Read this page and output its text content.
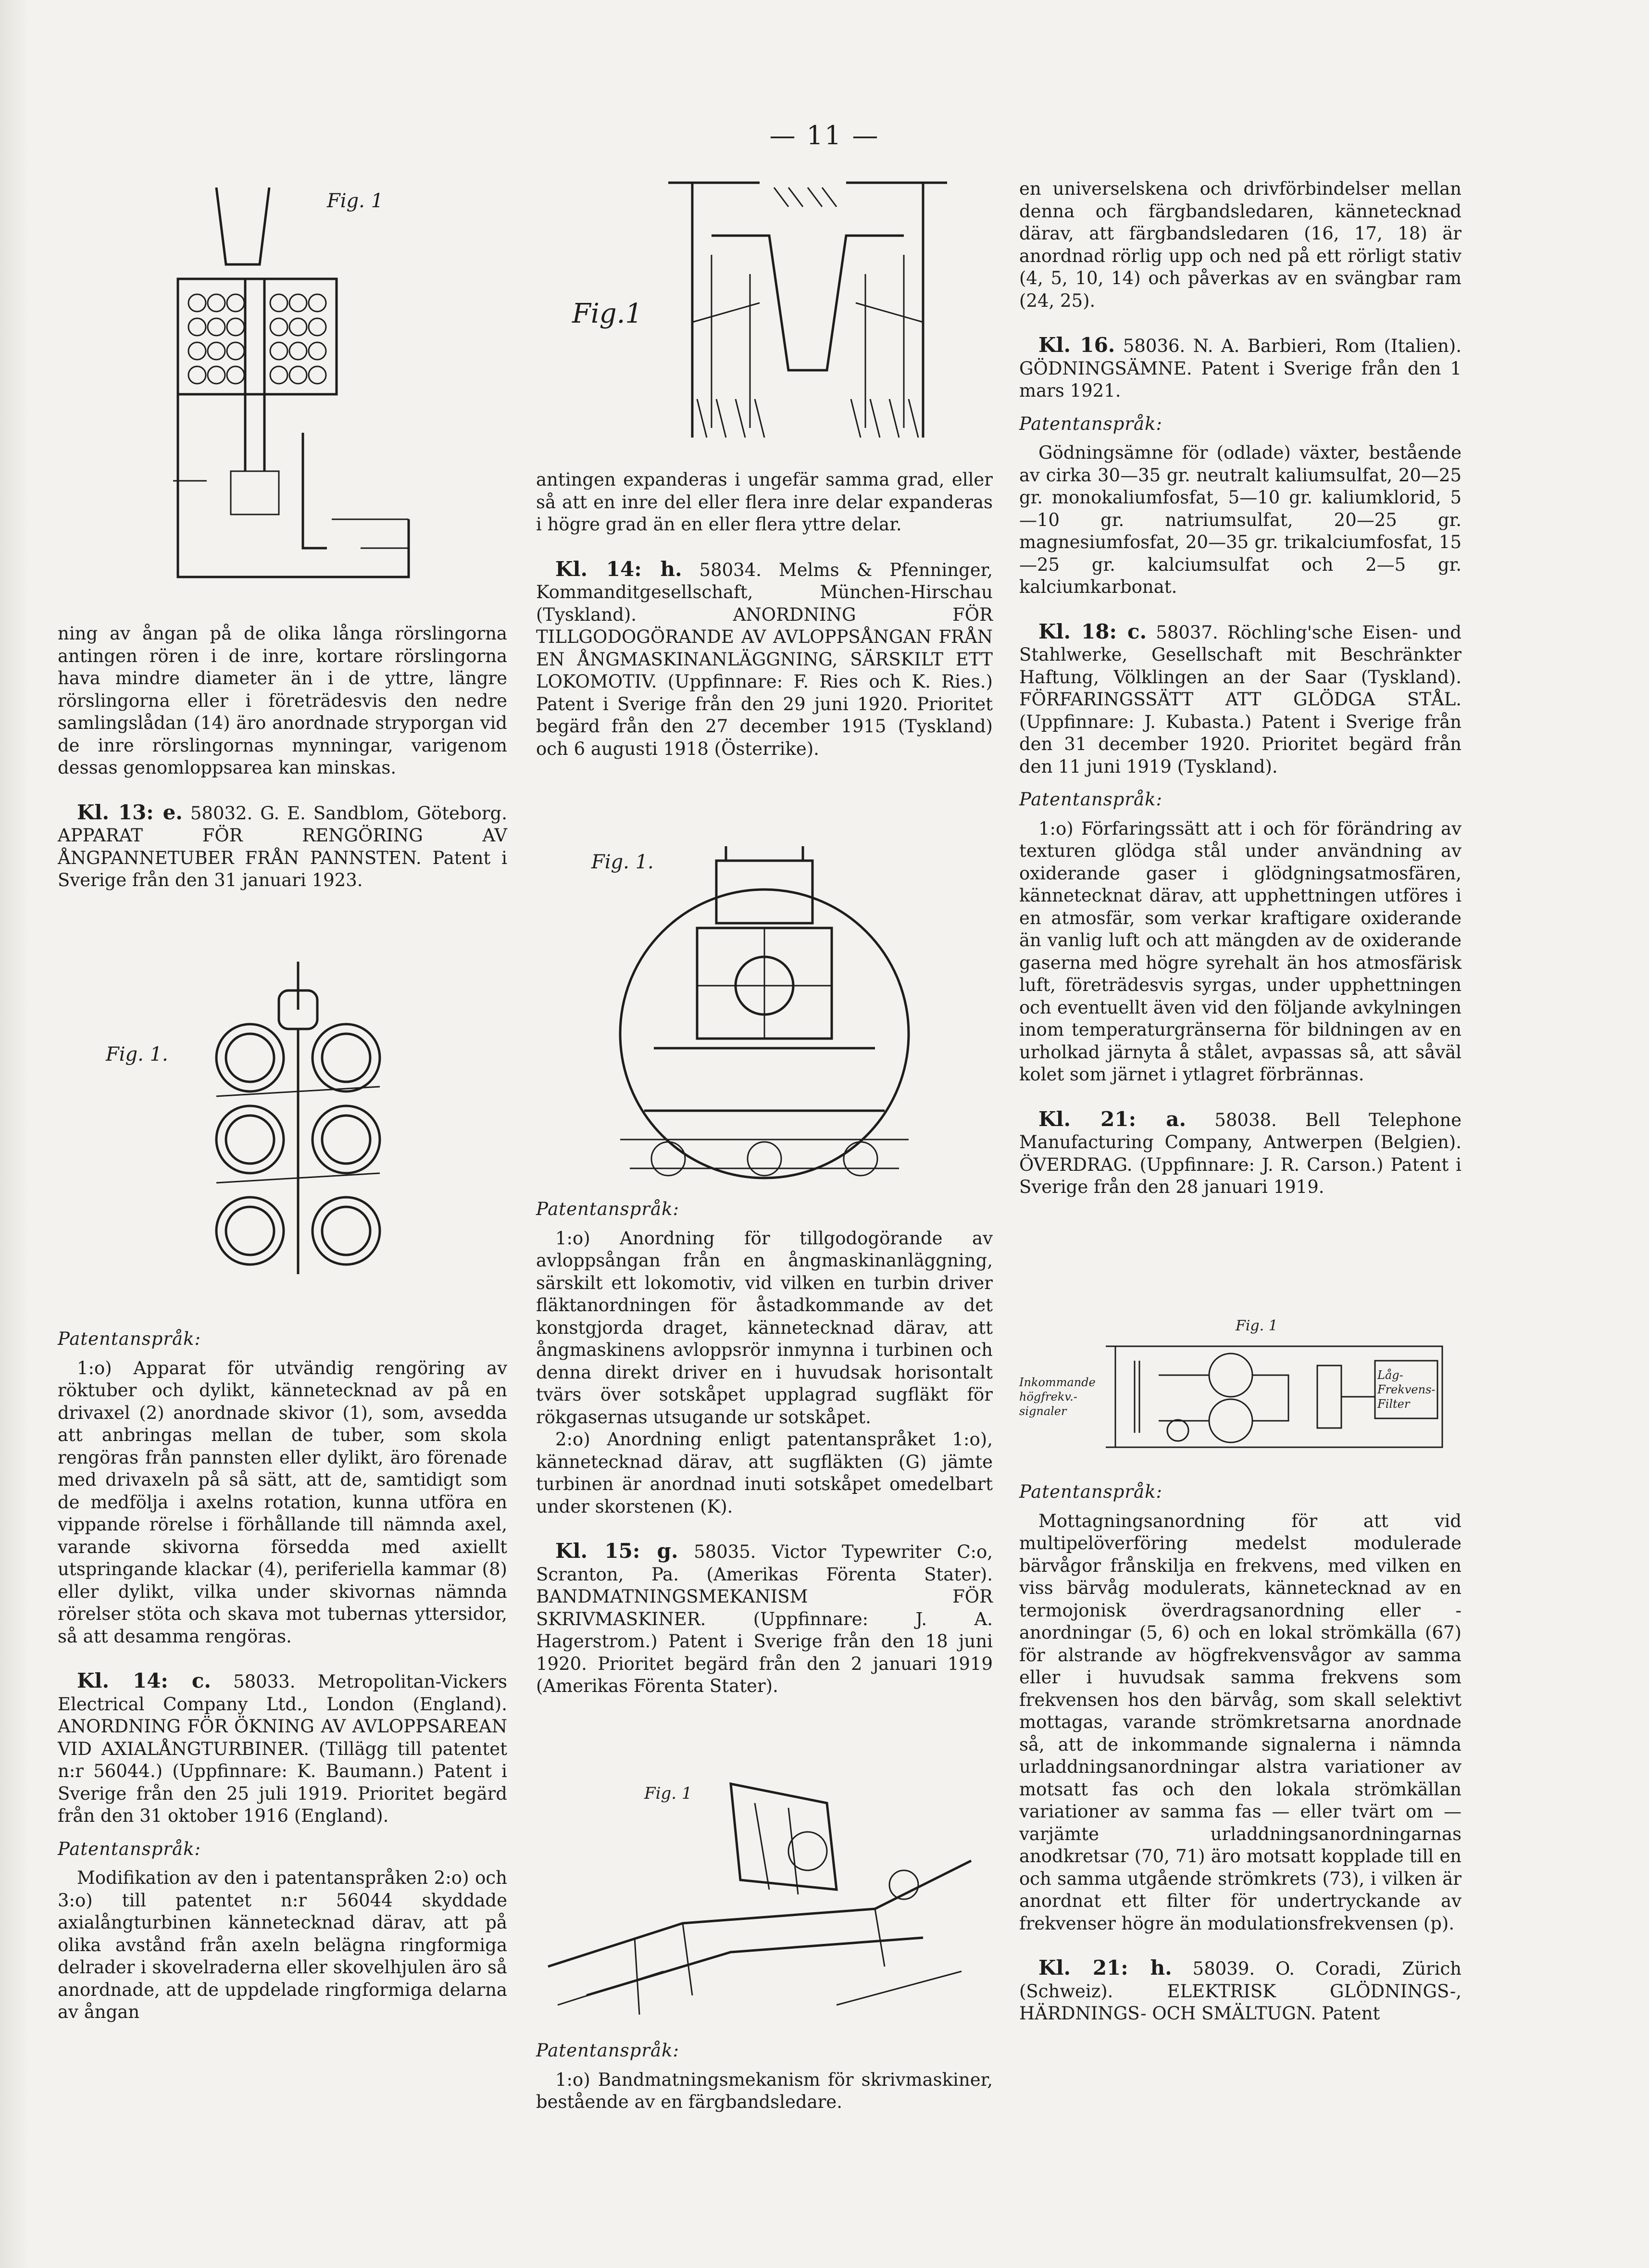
— 11 —
Fig. 1

ning av ångan på de olika långa rörslingorna antingen rören i de inre, kortare rörslingorna hava mindre diameter än i de yttre, längre rörslingorna eller i företrädesvis den nedre samlingslådan (14) äro anordnade stryporgan vid de inre rörslingornas mynningar, varigenom dessas genomloppsarea kan minskas.

Kl. 13: e. 58032. G. E. Sandblom, Göteborg. APPARAT FÖR RENGÖRING AV ÅNGPANNETUBER FRÅN PANNSTEN. Patent i Sverige från den 31 januari 1923.

Fig. 1.

Patentanspråk:

1:o) Apparat för utvändig rengöring av röktuber och dylikt, kännetecknad av på en drivaxel (2) anordnade skivor (1), som, avsedda att anbringas mellan de tuber, som skola rengöras från pannsten eller dylikt, äro förenade med drivaxeln på så sätt, att de, samtidigt som de medfölja i axelns rotation, kunna utföra en vippande rörelse i förhållande till nämnda axel, varande skivorna försedda med axiellt utspringande klackar (4), periferiella kammar (8) eller dylikt, vilka under skivornas nämnda rörelser stöta och skava mot tubernas yttersidor, så att desamma rengöras.

Kl. 14: c. 58033. Metropolitan-Vickers Electrical Company Ltd., London (England). ANORDNING FÖR ÖKNING AV AVLOPPSAREAN VID AXIALÅNGTURBINER. (Tillägg till patentet n:r 56044.) (Uppfinnare: K. Baumann.) Patent i Sverige från den 25 juli 1919. Prioritet begärd från den 31 oktober 1916 (England).

Patentanspråk:

Modifikation av den i patentanspråken 2:o) och 3:o) till patentet n:r 56044 skyddade axialångturbinen kännetecknad därav, att på olika avstånd från axeln belägna ringformiga delrader i skovelraderna eller skovelhjulen äro så anordnade, att de uppdelade ringformiga delarna av ångan

Fig.1

antingen expanderas i ungefär samma grad, eller så att en inre del eller flera inre delar expanderas i högre grad än en eller flera yttre delar.

Kl. 14: h. 58034. Melms & Pfenninger, Kommanditgesellschaft, München-Hirschau (Tyskland). ANORDNING FÖR TILLGODOGÖRANDE AV AVLOPPSÅNGAN FRÅN EN ÅNGMASKINANLÄGGNING, SÄRSKILT ETT LOKOMOTIV. (Uppfinnare: F. Ries och K. Ries.) Patent i Sverige från den 29 juni 1920. Prioritet begärd från den 27 december 1915 (Tyskland) och 6 augusti 1918 (Österrike).

Fig. 1.

Patentanspråk:

1:o) Anordning för tillgodogörande av avloppsångan från en ångmaskinanläggning, särskilt ett lokomotiv, vid vilken en turbin driver fläktanordningen för åstadkommande av det konstgjorda draget, kännetecknad därav, att ångmaskinens avloppsrör inmynna i turbinen och denna direkt driver en i huvudsak horisontalt tvärs över sotskåpet upplagrad sugfläkt för rökgasernas utsugande ur sotskåpet.

2:o) Anordning enligt patentanspråket 1:o), kännetecknad därav, att sugfläkten (G) jämte turbinen är anordnad inuti sotskåpet omedelbart under skorstenen (K).

Kl. 15: g. 58035. Victor Typewriter C:o, Scranton, Pa. (Amerikas Förenta Stater). BANDMATNINGSMEKANISM FÖR SKRIVMASKINER. (Uppfinnare: J. A. Hagerstrom.) Patent i Sverige från den 18 juni 1920. Prioritet begärd från den 2 januari 1919 (Amerikas Förenta Stater).

Fig. 1

Patentanspråk:

1:o) Bandmatningsmekanism för skrivmaskiner, bestående av en färgbandsledare.

en universelskena och drivförbindelser mellan denna och färgbandsledaren, kännetecknad därav, att färgbandsledaren (16, 17, 18) är anordnad rörlig upp och ned på ett rörligt stativ (4, 5, 10, 14) och påverkas av en svängbar ram (24, 25).

Kl. 16. 58036. N. A. Barbieri, Rom (Italien). GÖDNINGSÄMNE. Patent i Sverige från den 1 mars 1921.

Patentanspråk:

Gödningsämne för (odlade) växter, bestående av cirka 30—35 gr. neutralt kaliumsulfat, 20—25 gr. monokaliumfosfat, 5—10 gr. kaliumklorid, 5—10 gr. natriumsulfat, 20—25 gr. magnesiumfosfat, 20—35 gr. trikalciumfosfat, 15—25 gr. kalciumsulfat och 2—5 gr. kalciumkarbonat.

Kl. 18: c. 58037. Röchling'sche Eisen- und Stahlwerke, Gesellschaft mit Beschränkter Haftung, Völklingen an der Saar (Tyskland). FÖRFARINGSSÄTT ATT GLÖDGA STÅL. (Uppfinnare: J. Kubasta.) Patent i Sverige från den 31 december 1920. Prioritet begärd från den 11 juni 1919 (Tyskland).

Patentanspråk:

1:o) Förfaringssätt att i och för förändring av texturen glödga stål under användning av oxiderande gaser i glödgningsatmosfären, kännetecknat därav, att upphettningen utföres i en atmosfär, som verkar kraftigare oxiderande än vanlig luft och att mängden av de oxiderande gaserna med högre syrehalt än hos atmosfärisk luft, företrädesvis syrgas, under upphettningen och eventuellt även vid den följande avkylningen inom temperaturgränserna för bildningen av en urholkad järnyta å stålet, avpassas så, att såväl kolet som järnet i ytlagret förbrännas.

Kl. 21: a. 58038. Bell Telephone Manufacturing Company, Antwerpen (Belgien). ÖVERDRAG. (Uppfinnare: J. R. Carson.) Patent i Sverige från den 28 januari 1919.

Fig. 1
Inkommande högfrekv.-signaler
Låg-Frekvens-Filter

Patentanspråk:

Mottagningsanordning för att vid multipelöverföring medelst modulerade bärvågor frånskilja en frekvens, med vilken en viss bärvåg modulerats, kännetecknad av en termojonisk överdragsanordning eller -anordningar (5, 6) och en lokal strömkälla (67) för alstrande av högfrekvensvågor av samma eller i huvudsak samma frekvens som frekvensen hos den bärvåg, som skall selektivt mottagas, varande strömkretsarna anordnade så, att de inkommande signalerna i nämnda urladdningsanordningar alstra variationer av motsatt fas och den lokala strömkällan variationer av samma fas — eller tvärt om — varjämte urladdningsanordningarnas anodkretsar (70, 71) äro motsatt kopplade till en och samma utgående strömkrets (73), i vilken är anordnat ett filter för undertryckande av frekvenser högre än modulationsfrekvensen (p).

Kl. 21: h. 58039. O. Coradi, Zürich (Schweiz). ELEKTRISK GLÖDNINGS-, HÄRDNINGS- OCH SMÄLTUGN. Patent
